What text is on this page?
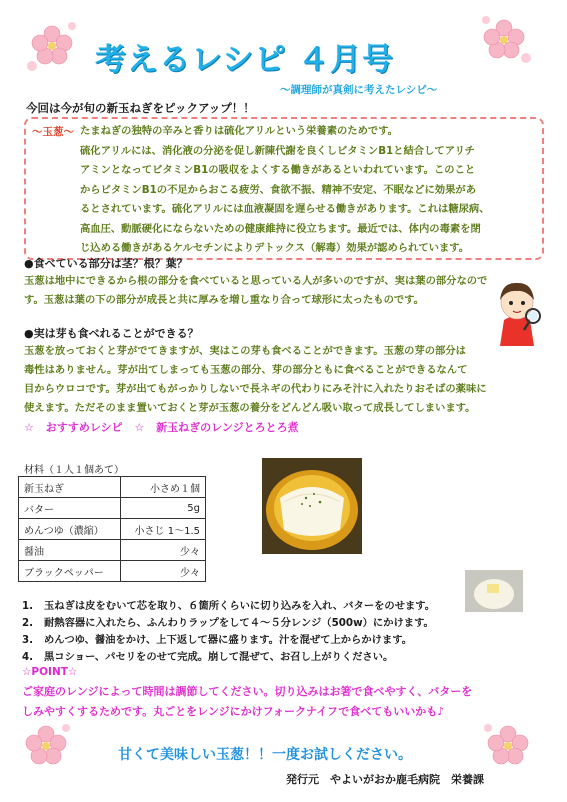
考えるレシピ ４月号
～調理師が真剣に考えたレシピ～
今回は今が旬の新玉ねぎをピックアップ！！
～玉葱～ たまねぎの独特の辛みと香りは硫化アリルという栄養素のためです。
硫化アリルには、消化液の分泌を促し新陳代謝を良くしビタミンB1と結合してアリチ
アミンとなってビタミンB1の吸収をよくする働きがあるといわれています。このこと
からビタミンB1の不足からおこる疲労、食欲不振、精神不安定、不眠などに効果があ
るとされています。硫化アリルには血液凝固を遅らせる働きがあります。これは糖尿病、
高血圧、動脈硬化にならないための健康維持に役立ちます。最近では、体内の毒素を閉
じ込める働きがあるケルセチンによりデトックス（解毒）効果が認められています。
●食べている部分は茎？根？葉？
玉葱は地中にできるから根の部分を食べていると思っている人が多いのですが、実は葉の部分なので
す。玉葱は葉の下の部分が成長と共に厚みを増し重なり合って球形に太ったものです。
●実は芽も食べれることができる？
玉葱を放っておくと芽がでてきますが、実はこの芽も食べることができます。玉葱の芽の部分は
毒性はありません。芽が出てしまっても玉葱の部分、芽の部分ともに食べることができるなんて
目からウロコです。芽が出てもがっかりしないで長ネギの代わりにみそ汁に入れたりおそばの薬味に
使えます。ただそのまま置いておくと芽が玉葱の養分をどんどん吸い取って成長してしまいます。
☆ おすすめレシピ ☆ 新玉ねぎのレンジとろとろ煮
材料（１人１個あて）
新玉ねぎ	小さめ１個
バター	5g
めんつゆ（濃縮）	小さじ 1～1.5
醤油	少々
ブラックペッパー	少々
1. 玉ねぎは皮をむいて芯を取り、６箇所くらいに切り込みを入れ、バターをのせます。
2. 耐熱容器に入れたら、ふんわりラップをして４～５分レンジ（500w）にかけます。
3. めんつゆ、醤油をかけ、上下返して器に盛ります。汁を混ぜて上からかけます。
4. 黒コショー、パセリをのせて完成。崩して混ぜて、お召し上がりください。
☆POINT☆
ご家庭のレンジによって時間は調節してください。切り込みはお箸で食べやすく、バターを
しみやすくするためです。丸ごとをレンジにかけフォークナイフで食べてもいいかも♪
甘くて美味しい玉葱！！一度お試しください。
発行元　やよいがおか鹿毛病院　栄養課
